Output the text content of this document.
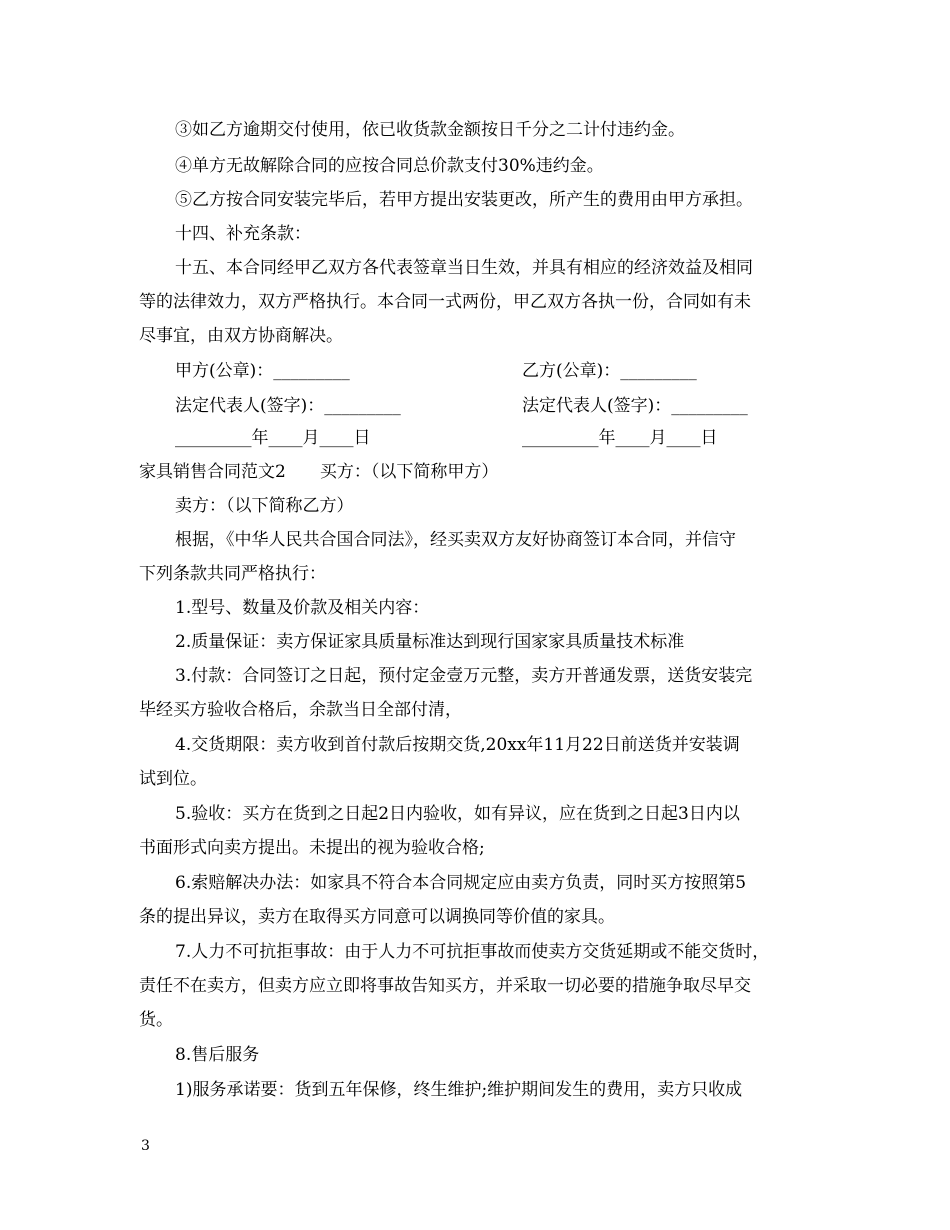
③如乙方逾期交付使用，依已收货款金额按日千分之二计付违约金。
④单方无故解除合同的应按合同总价款支付30%违约金。
⑤乙方按合同安装完毕后，若甲方提出安装更改，所产生的费用由甲方承担。
十四、补充条款：
十五、本合同经甲乙双方各代表签章当日生效，并具有相应的经济效益及相同
等的法律效力，双方严格执行。本合同一式两份，甲乙双方各执一份，合同如有未
尽事宜，由双方协商解决。
甲方(公章)：_________	乙方(公章)：_________
法定代表人(签字)：_________	法定代表人(签字)：_________
_________年____月____日	_________年____月____日
家具销售合同范文2　　买方：（以下简称甲方）
卖方：（以下简称乙方）
根据，《中华人民共合国合同法》，经买卖双方友好协商签订本合同，并信守
下列条款共同严格执行：
1.型号、数量及价款及相关内容：
2.质量保证：卖方保证家具质量标准达到现行国家家具质量技术标准
3.付款：合同签订之日起，预付定金壹万元整，卖方开普通发票，送货安装完
毕经买方验收合格后，余款当日全部付清，
4.交货期限：卖方收到首付款后按期交货,20xx年11月22日前送货并安装调
试到位。
5.验收：买方在货到之日起2日内验收，如有异议，应在货到之日起3日内以
书面形式向卖方提出。未提出的视为验收合格;
6.索赔解决办法：如家具不符合本合同规定应由卖方负责，同时买方按照第5
条的提出异议，卖方在取得买方同意可以调换同等价值的家具。
7.人力不可抗拒事故：由于人力不可抗拒事故而使卖方交货延期或不能交货时，
责任不在卖方，但卖方应立即将事故告知买方，并采取一切必要的措施争取尽早交
货。
8.售后服务
1)服务承诺要：货到五年保修，终生维护;维护期间发生的费用，卖方只收成
3
